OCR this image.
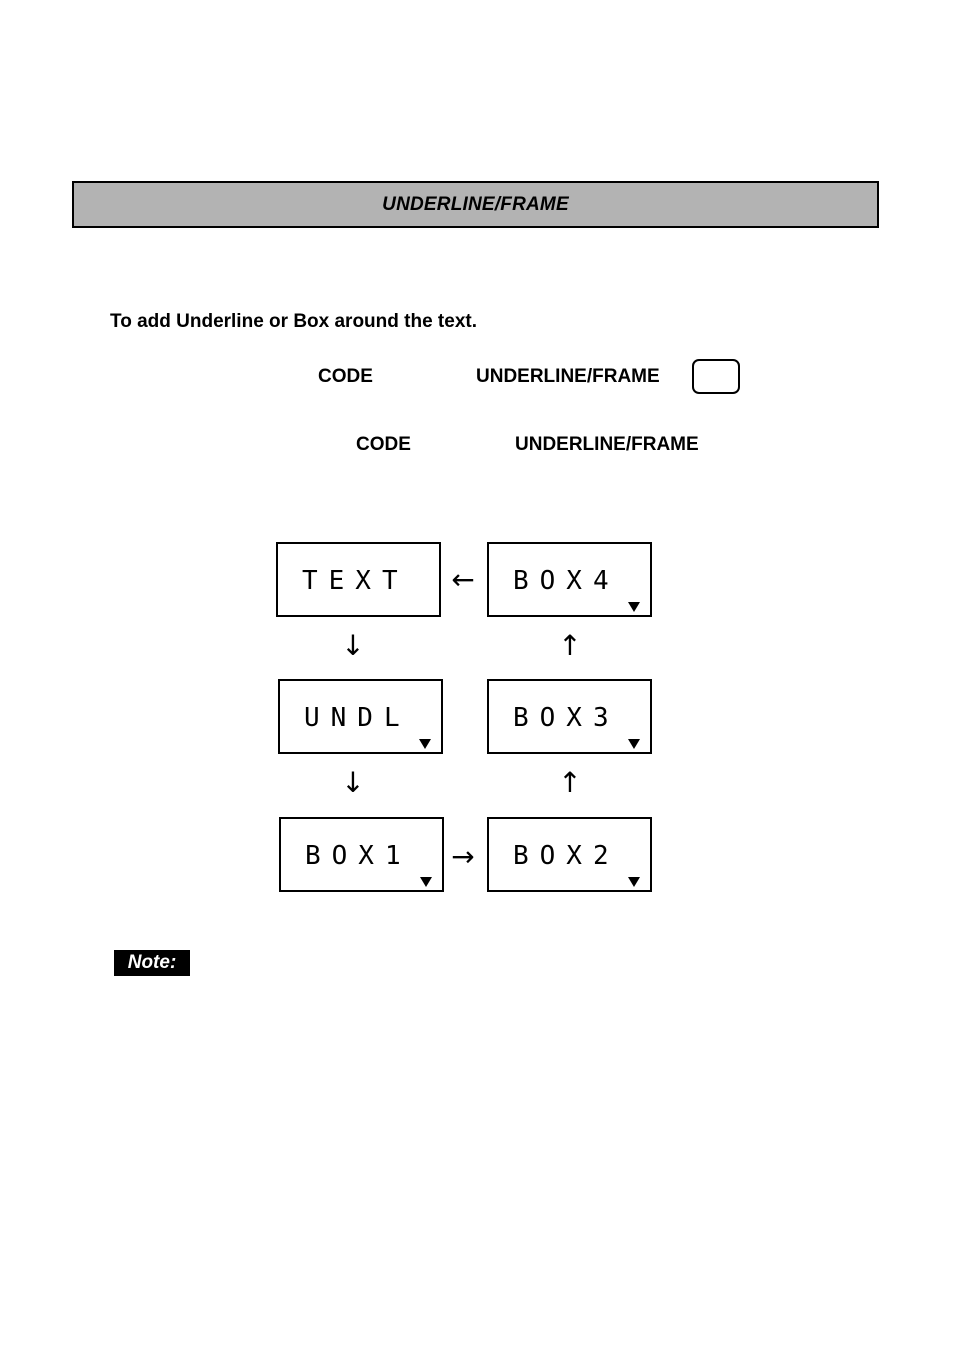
UNDERLINE/FRAME
To add Underline or Box around the text.
CODE	UNDERLINE/FRAME
CODE	UNDERLINE/FRAME
TEXT	BOX4
UNDL	BOX3
BOX1	BOX2
←
↓	↑
↓	↑
→
Note:
